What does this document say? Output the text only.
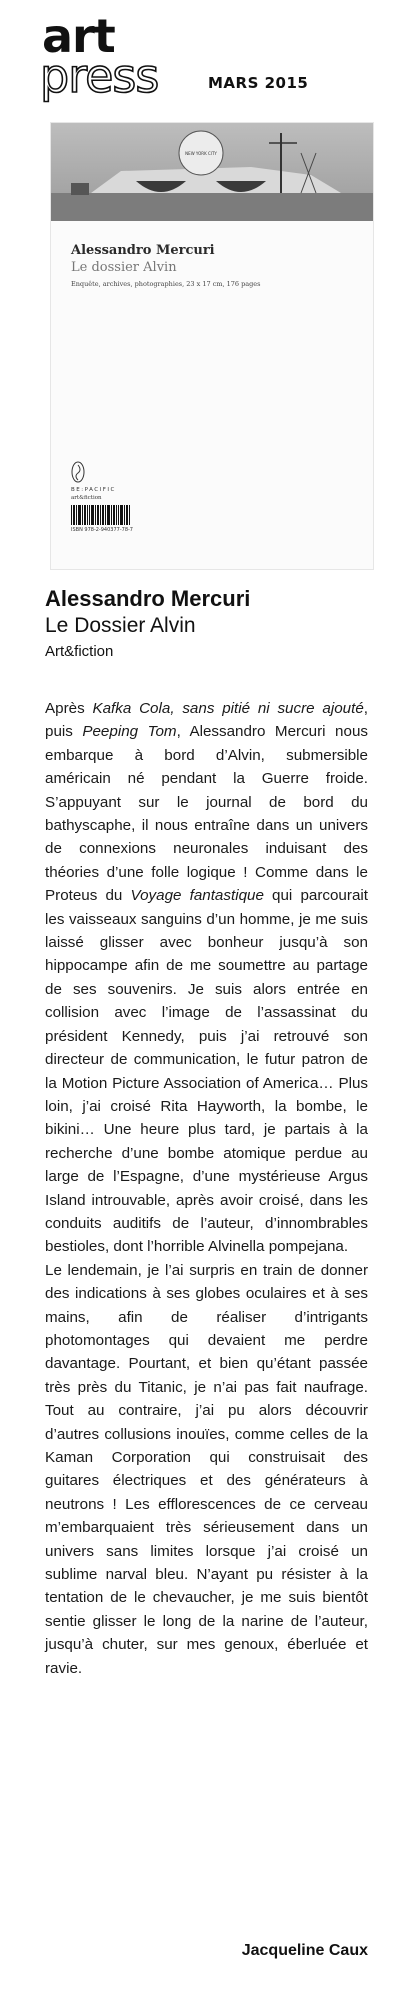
art
press	MARS 2015
NEW YORK CITY
Alessandro Mercuri
Le dossier Alvin
Enquête, archives, photographies, 23 x 17 cm, 176 pages
BE:PACIFIC
art&fiction
ISBN 978-2-940377-78-7
Alessandro Mercuri
Le Dossier Alvin
Art&fiction

Après Kafka Cola, sans pitié ni sucre ajouté, puis Peeping Tom, Alessandro Mercuri nous embarque à bord d’Alvin, submersible américain né pendant la Guerre froide. S’appuyant sur le journal de bord du bathyscaphe, il nous entraîne dans un univers de connexions neuronales induisant des théories d’une folle logique ! Comme dans le Proteus du Voyage fantastique qui parcourait les vaisseaux sanguins d’un homme, je me suis laissé glisser avec bonheur jusqu’à son hippocampe afin de me soumettre au partage de ses souvenirs. Je suis alors entrée en collision avec l’image de l’assassinat du président Kennedy, puis j’ai retrouvé son directeur de communication, le futur patron de la Motion Picture Association of America… Plus loin, j’ai croisé Rita Hayworth, la bombe, le bikini… Une heure plus tard, je partais à la recherche d’une bombe atomique perdue au large de l’Espagne, d’une mystérieuse Argus Island introuvable, après avoir croisé, dans les conduits auditifs de l’auteur, d’innombrables bestioles, dont l’horrible Alvinella pompejana.

Le lendemain, je l’ai surpris en train de donner des indications à ses globes oculaires et à ses mains, afin de réaliser d’intrigants photomontages qui devaient me perdre davantage. Pourtant, et bien qu’étant passée très près du Titanic, je n’ai pas fait naufrage. Tout au contraire, j’ai pu alors découvrir d’autres collusions inouïes, comme celles de la Kaman Corporation qui construisait des guitares électriques et des générateurs à neutrons ! Les efflorescences de ce cerveau m’embarquaient très sérieusement dans un univers sans limites lorsque j’ai croisé un sublime narval bleu. N’ayant pu résister à la tentation de le chevaucher, je me suis bientôt sentie glisser le long de la narine de l’auteur, jusqu’à chuter, sur mes genoux, éberluée et ravie.

Jacqueline Caux
